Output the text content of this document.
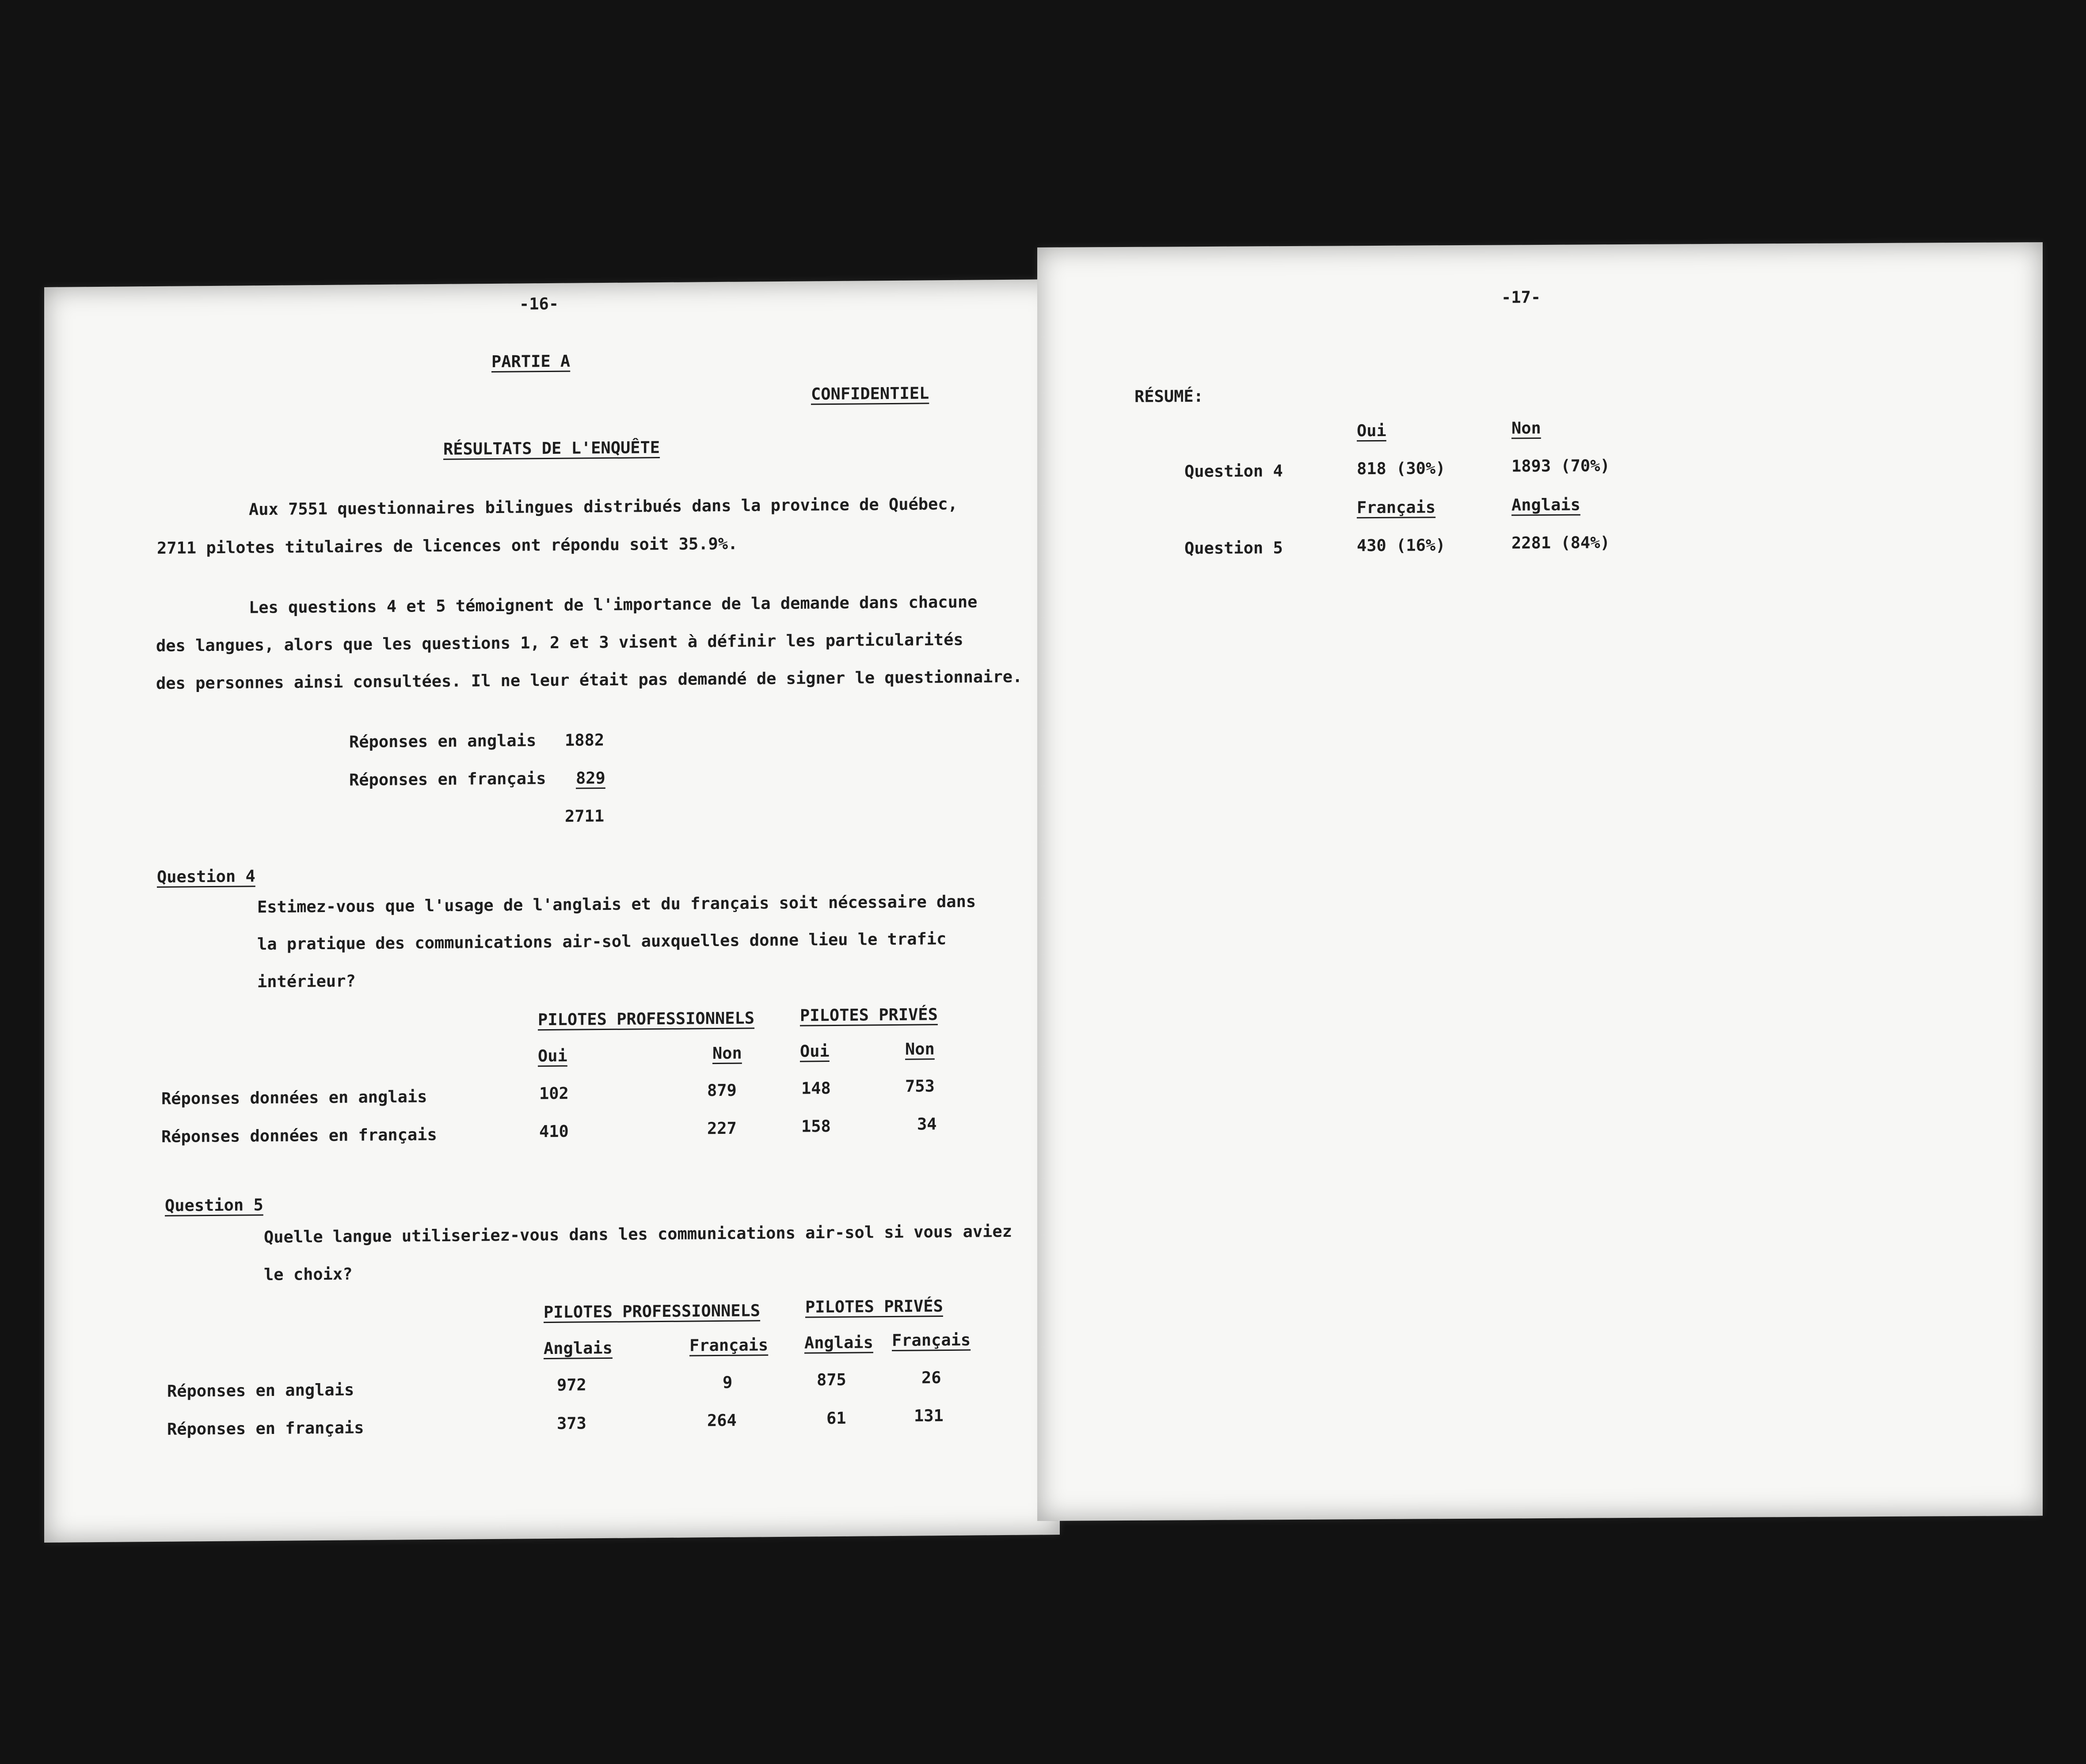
-16-
PARTIE A
CONFIDENTIEL
RÉSULTATS DE L'ENQUÊTE
Aux 7551 questionnaires bilingues distribués dans la province de Québec,
2711 pilotes titulaires de licences ont répondu soit 35.9%.
Les questions 4 et 5 témoignent de l'importance de la demande dans chacune
des langues, alors que les questions 1, 2 et 3 visent à définir les particularités
des personnes ainsi consultées. Il ne leur était pas demandé de signer le questionnaire.
Réponses en anglais 1882
Réponses en français 829
2711
Question 4
Estimez-vous que l'usage de l'anglais et du français soit nécessaire dans
la pratique des communications air-sol auxquelles donne lieu le trafic
intérieur?
PILOTES PROFESSIONNELS	PILOTES PRIVÉS
Oui	Non	Oui	Non
Réponses données en anglais	102	879	148	753
Réponses données en français	410	227	158	34
Question 5
Quelle langue utiliseriez-vous dans les communications air-sol si vous aviez
le choix?
PILOTES PROFESSIONNELS	PILOTES PRIVÉS
Anglais	Français Anglais Français
Réponses en anglais	972	9	875	26
Réponses en français	373	264	61	131
-17-
RÉSUMÉ:
Oui	Non
Question 4	818 (30%)	1893 (70%)
Français	Anglais
Question 5	430 (16%)	2281 (84%)
